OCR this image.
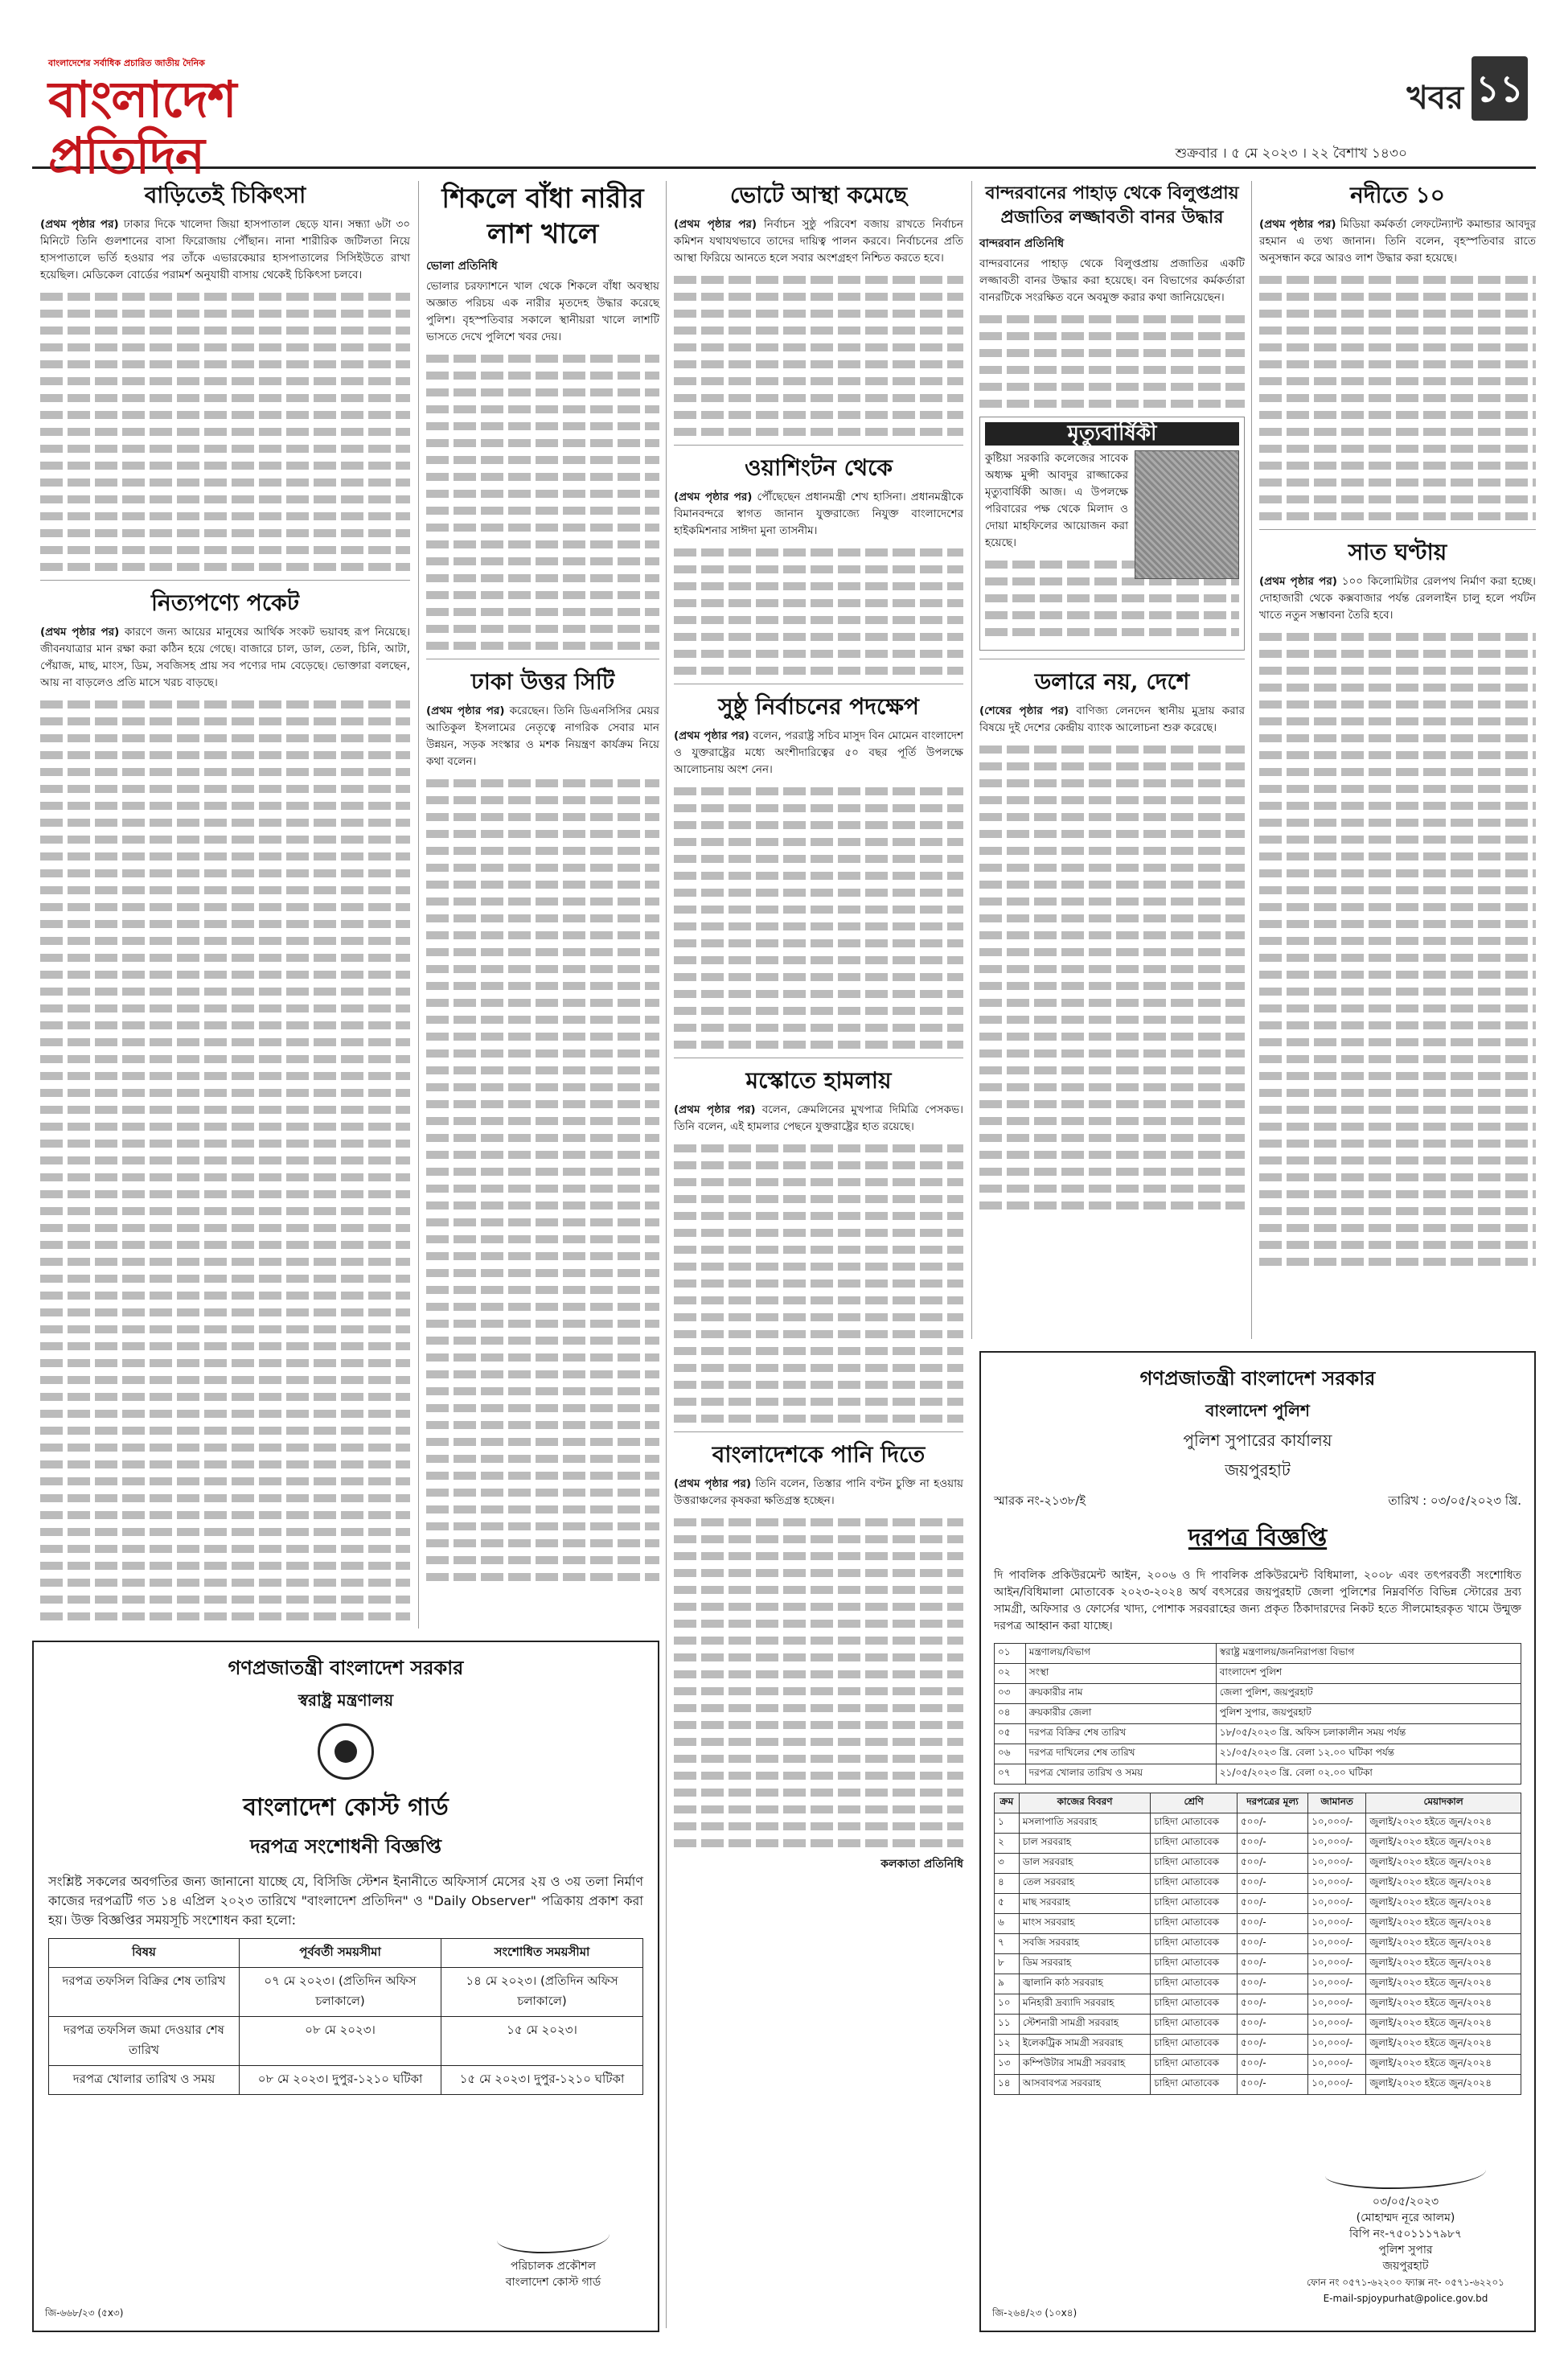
বাংলাদেশের সর্বাধিক প্রচারিত জাতীয় দৈনিক
বাংলাদেশ প্রতিদিন
খবর ১১
শুক্রবার । ৫ মে ২০২৩ । ২২ বৈশাখ ১৪৩০
বাড়িতেই চিকিৎসা

(প্রথম পৃষ্ঠার পর) ঢাকার দিকে খালেদা জিয়া হাসপাতাল ছেড়ে যান। সন্ধ্যা ৬টা ৩০ মিনিটে তিনি গুলশানের বাসা ফিরোজায় পৌঁছান। নানা শারীরিক জটিলতা নিয়ে হাসপাতালে ভর্তি হওয়ার পর তাঁকে এভারকেয়ার হাসপাতালের সিসিইউতে রাখা হয়েছিল। মেডিকেল বোর্ডের পরামর্শ অনুযায়ী বাসায় থেকেই চিকিৎসা চলবে।

নিত্যপণ্যে পকেট

(প্রথম পৃষ্ঠার পর) কারণে জন্য আয়ের মানুষের আর্থিক সংকট ভয়াবহ রূপ নিয়েছে। জীবনযাত্রার মান রক্ষা করা কঠিন হয়ে গেছে। বাজারে চাল, ডাল, তেল, চিনি, আটা, পেঁয়াজ, মাছ, মাংস, ডিম, সবজিসহ প্রায় সব পণ্যের দাম বেড়েছে। ভোক্তারা বলছেন, আয় না বাড়লেও প্রতি মাসে খরচ বাড়ছে।

শিকলে বাঁধা নারীর লাশ খালে
ভোলা প্রতিনিধি

ভোলার চরফ্যাশনে খাল থেকে শিকলে বাঁধা অবস্থায় অজ্ঞাত পরিচয় এক নারীর মৃতদেহ উদ্ধার করেছে পুলিশ। বৃহস্পতিবার সকালে স্থানীয়রা খালে লাশটি ভাসতে দেখে পুলিশে খবর দেয়।

ঢাকা উত্তর সিটি

(প্রথম পৃষ্ঠার পর) করেছেন। তিনি ডিএনসিসির মেয়র আতিকুল ইসলামের নেতৃত্বে নাগরিক সেবার মান উন্নয়ন, সড়ক সংস্কার ও মশক নিয়ন্ত্রণ কার্যক্রম নিয়ে কথা বলেন।

ভোটে আস্থা কমেছে

(প্রথম পৃষ্ঠার পর) নির্বাচন সুষ্ঠু পরিবেশ বজায় রাখতে নির্বাচন কমিশন যথাযথভাবে তাদের দায়িত্ব পালন করবে। নির্বাচনের প্রতি আস্থা ফিরিয়ে আনতে হলে সবার অংশগ্রহণ নিশ্চিত করতে হবে।

ওয়াশিংটন থেকে

(প্রথম পৃষ্ঠার পর) পৌঁছেছেন প্রধানমন্ত্রী শেখ হাসিনা। প্রধানমন্ত্রীকে বিমানবন্দরে স্বাগত জানান যুক্তরাজ্যে নিযুক্ত বাংলাদেশের হাইকমিশনার সাঈদা মুনা তাসনীম।

সুষ্ঠু নির্বাচনের পদক্ষেপ

(প্রথম পৃষ্ঠার পর) বলেন, পররাষ্ট্র সচিব মাসুদ বিন মোমেন বাংলাদেশ ও যুক্তরাষ্ট্রের মধ্যে অংশীদারিত্বের ৫০ বছর পূর্তি উপলক্ষে আলোচনায় অংশ নেন।

মস্কোতে হামলায়

(প্রথম পৃষ্ঠার পর) বলেন, ক্রেমলিনের মুখপাত্র দিমিত্রি পেসকভ। তিনি বলেন, এই হামলার পেছনে যুক্তরাষ্ট্রের হাত রয়েছে।

বাংলাদেশকে পানি দিতে

(প্রথম পৃষ্ঠার পর) তিনি বলেন, তিস্তার পানি বণ্টন চুক্তি না হওয়ায় উত্তরাঞ্চলের কৃষকরা ক্ষতিগ্রস্ত হচ্ছেন।

কলকাতা প্রতিনিধি
বান্দরবানের পাহাড় থেকে বিলুপ্তপ্রায় প্রজাতির লজ্জাবতী বানর উদ্ধার
বান্দরবান প্রতিনিধি

বান্দরবানের পাহাড় থেকে বিলুপ্তপ্রায় প্রজাতির একটি লজ্জাবতী বানর উদ্ধার করা হয়েছে। বন বিভাগের কর্মকর্তারা বানরটিকে সংরক্ষিত বনে অবমুক্ত করার কথা জানিয়েছেন।

মৃত্যুবার্ষিকী

কুষ্টিয়া সরকারি কলেজের সাবেক অধ্যক্ষ মুন্সী আবদুর রাজ্জাকের মৃত্যুবার্ষিকী আজ। এ উপলক্ষে পরিবারের পক্ষ থেকে মিলাদ ও দোয়া মাহফিলের আয়োজন করা হয়েছে।

ডলারে নয়, দেশে

(শেষের পৃষ্ঠার পর) বাণিজ্য লেনদেন স্থানীয় মুদ্রায় করার বিষয়ে দুই দেশের কেন্দ্রীয় ব্যাংক আলোচনা শুরু করেছে।

নদীতে ১০

(প্রথম পৃষ্ঠার পর) মিডিয়া কর্মকর্তা লেফটেন্যান্ট কমান্ডার আবদুর রহমান এ তথ্য জানান। তিনি বলেন, বৃহস্পতিবার রাতে অনুসন্ধান করে আরও লাশ উদ্ধার করা হয়েছে।

সাত ঘণ্টায়

(প্রথম পৃষ্ঠার পর) ১০০ কিলোমিটার রেলপথ নির্মাণ করা হচ্ছে। দোহাজারী থেকে কক্সবাজার পর্যন্ত রেললাইন চালু হলে পর্যটন খাতে নতুন সম্ভাবনা তৈরি হবে।

গণপ্রজাতন্ত্রী বাংলাদেশ সরকার
স্বরাষ্ট্র মন্ত্রণালয়
বাংলাদেশ কোস্ট গার্ড
দরপত্র সংশোধনী বিজ্ঞপ্তি
সংশ্লিষ্ট সকলের অবগতির জন্য জানানো যাচ্ছে যে, বিসিজি স্টেশন ইনানীতে অফিসার্স মেসের ২য় ও ৩য় তলা নির্মাণ কাজের দরপত্রটি গত ১৪ এপ্রিল ২০২৩ তারিখে "বাংলাদেশ প্রতিদিন" ও "Daily Observer" পত্রিকায় প্রকাশ করা হয়। উক্ত বিজ্ঞপ্তির সময়সূচি সংশোধন করা হলো:
বিষয়	পূর্ববর্তী সময়সীমা	সংশোধিত সময়সীমা
দরপত্র তফসিল বিক্রির শেষ তারিখ	০৭ মে ২০২৩। (প্রতিদিন অফিস চলাকালে)	১৪ মে ২০২৩। (প্রতিদিন অফিস চলাকালে)
দরপত্র তফসিল জমা দেওয়ার শেষ তারিখ	০৮ মে ২০২৩।	১৫ মে ২০২৩।
দরপত্র খোলার তারিখ ও সময়	০৮ মে ২০২৩। দুপুর-১২১০ ঘটিকা	১৫ মে ২০২৩। দুপুর-১২১০ ঘটিকা
পরিচালক প্রকৌশল
বাংলাদেশ কোস্ট গার্ড
জি-৬৬৮/২৩ (৫x৩)
গণপ্রজাতন্ত্রী বাংলাদেশ সরকার
বাংলাদেশ পুলিশ
পুলিশ সুপারের কার্যালয়
জয়পুরহাট
স্মারক নং-২১৩৮/ই	তারিখ : ০৩/০৫/২০২৩ খ্রি.
দরপত্র বিজ্ঞপ্তি
দি পাবলিক প্রকিউরমেন্ট আইন, ২০০৬ ও দি পাবলিক প্রকিউরমেন্ট বিধিমালা, ২০০৮ এবং তৎপরবর্তী সংশোধিত আইন/বিধিমালা মোতাবেক ২০২৩-২০২৪ অর্থ বৎসরের জয়পুরহাট জেলা পুলিশের নিম্নবর্ণিত বিভিন্ন স্টোরের দ্রব্য সামগ্রী, অফিসার ও ফোর্সের খাদ্য, পোশাক সরবরাহের জন্য প্রকৃত ঠিকাদারদের নিকট হতে সীলমোহরকৃত খামে উন্মুক্ত দরপত্র আহ্বান করা যাচ্ছে।
০১	মন্ত্রণালয়/বিভাগ	স্বরাষ্ট্র মন্ত্রণালয়/জননিরাপত্তা বিভাগ
০২	সংস্থা	বাংলাদেশ পুলিশ
০৩	ক্রয়কারীর নাম	জেলা পুলিশ, জয়পুরহাট
০৪	ক্রয়কারীর জেলা	পুলিশ সুপার, জয়পুরহাট
০৫	দরপত্র বিক্রির শেষ তারিখ	১৮/০৫/২০২৩ খ্রি. অফিস চলাকালীন সময় পর্যন্ত
০৬	দরপত্র দাখিলের শেষ তারিখ	২১/০৫/২০২৩ খ্রি. বেলা ১২.০০ ঘটিকা পর্যন্ত
০৭	দরপত্র খোলার তারিখ ও সময়	২১/০৫/২০২৩ খ্রি. বেলা ০২.০০ ঘটিকা
ক্রম	কাজের বিবরণ	শ্রেণি	দরপত্রের মূল্য	জামানত	মেয়াদকাল
১	মসলাপাতি সরবরাহ	চাহিদা মোতাবেক	৫০০/-	১০,০০০/-	জুলাই/২০২৩ হইতে জুন/২০২৪
২	চাল সরবরাহ	চাহিদা মোতাবেক	৫০০/-	১০,০০০/-	জুলাই/২০২৩ হইতে জুন/২০২৪
৩	ডাল সরবরাহ	চাহিদা মোতাবেক	৫০০/-	১০,০০০/-	জুলাই/২০২৩ হইতে জুন/২০২৪
৪	তেল সরবরাহ	চাহিদা মোতাবেক	৫০০/-	১০,০০০/-	জুলাই/২০২৩ হইতে জুন/২০২৪
৫	মাছ সরবরাহ	চাহিদা মোতাবেক	৫০০/-	১০,০০০/-	জুলাই/২০২৩ হইতে জুন/২০২৪
৬	মাংস সরবরাহ	চাহিদা মোতাবেক	৫০০/-	১০,০০০/-	জুলাই/২০২৩ হইতে জুন/২০২৪
৭	সবজি সরবরাহ	চাহিদা মোতাবেক	৫০০/-	১০,০০০/-	জুলাই/২০২৩ হইতে জুন/২০২৪
৮	ডিম সরবরাহ	চাহিদা মোতাবেক	৫০০/-	১০,০০০/-	জুলাই/২০২৩ হইতে জুন/২০২৪
৯	জ্বালানি কাঠ সরবরাহ	চাহিদা মোতাবেক	৫০০/-	১০,০০০/-	জুলাই/২০২৩ হইতে জুন/২০২৪
১০	মনিহারী দ্রব্যাদি সরবরাহ	চাহিদা মোতাবেক	৫০০/-	১০,০০০/-	জুলাই/২০২৩ হইতে জুন/২০২৪
১১	স্টেশনারী সামগ্রী সরবরাহ	চাহিদা মোতাবেক	৫০০/-	১০,০০০/-	জুলাই/২০২৩ হইতে জুন/২০২৪
১২	ইলেকট্রিক সামগ্রী সরবরাহ	চাহিদা মোতাবেক	৫০০/-	১০,০০০/-	জুলাই/২০২৩ হইতে জুন/২০২৪
১৩	কম্পিউটার সামগ্রী সরবরাহ	চাহিদা মোতাবেক	৫০০/-	১০,০০০/-	জুলাই/২০২৩ হইতে জুন/২০২৪
১৪	আসবাবপত্র সরবরাহ	চাহিদা মোতাবেক	৫০০/-	১০,০০০/-	জুলাই/২০২৩ হইতে জুন/২০২৪
০৩/০৫/২০২৩
(মোহাম্মদ নূরে আলম)
বিপি নং-৭৫০১১১৭৯৮৭
পুলিশ সুপার
জয়পুরহাট
ফোন নং ০৫৭১-৬২২০০ ফ্যাক্স নং- ০৫৭১-৬২২০১
E-mail-spjoypurhat@police.gov.bd
জি-২৬৪/২৩ (১০x৪)
